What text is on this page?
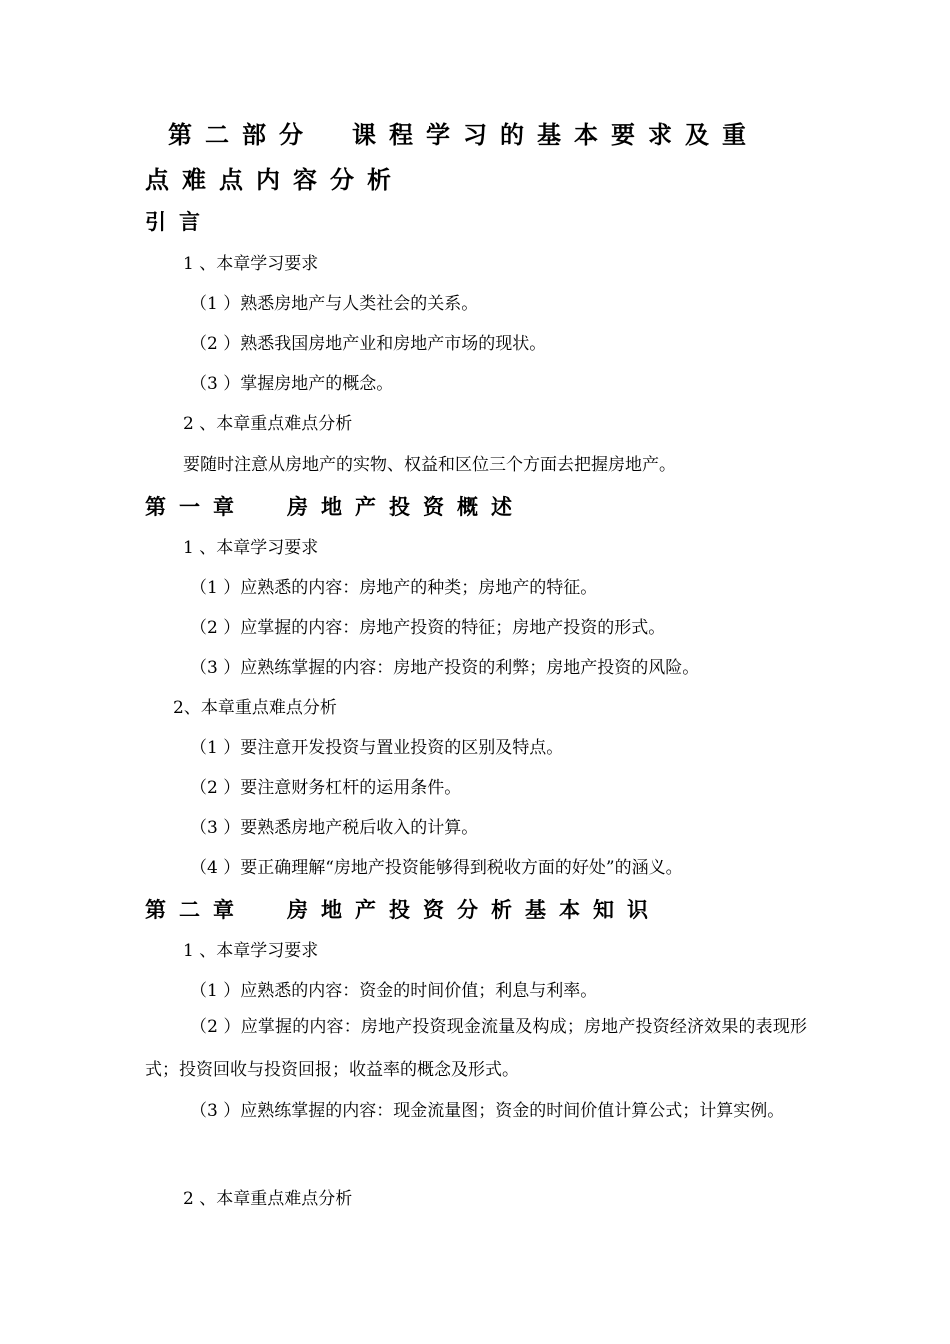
第二部分 课程学习的基本要求及重
点难点内容分析
引言
1 、本章学习要求
（1 ）熟悉房地产与人类社会的关系。
（2 ）熟悉我国房地产业和房地产市场的现状。
（3 ）掌握房地产的概念。
2 、本章重点难点分析
要随时注意从房地产的实物、权益和区位三个方面去把握房地产。
第一章 房地产投资概述
1 、本章学习要求
（1 ）应熟悉的内容：房地产的种类；房地产的特征。
（2 ）应掌握的内容：房地产投资的特征；房地产投资的形式。
（3 ）应熟练掌握的内容：房地产投资的利弊；房地产投资的风险。
2、本章重点难点分析
（1 ）要注意开发投资与置业投资的区别及特点。
（2 ）要注意财务杠杆的运用条件。
（3 ）要熟悉房地产税后收入的计算。
（4 ）要正确理解“房地产投资能够得到税收方面的好处”的涵义。
第二章 房地产投资分析基本知识
1 、本章学习要求
（1 ）应熟悉的内容：资金的时间价值；利息与利率。
（2 ）应掌握的内容：房地产投资现金流量及构成；房地产投资经济效果的表现形式；投资回收与投资回报；收益率的概念及形式。
（3 ）应熟练掌握的内容：现金流量图；资金的时间价值计算公式；计算实例。
2 、本章重点难点分析
